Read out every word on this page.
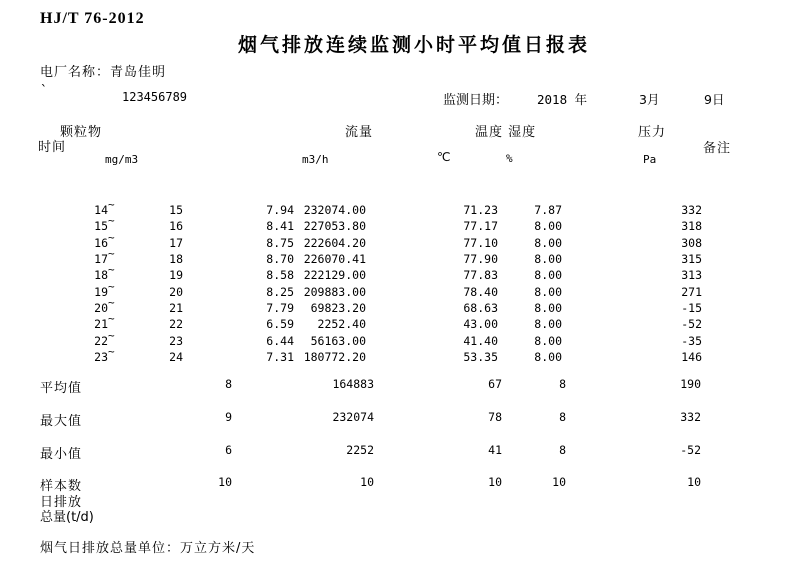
HJ/T 76-2012
烟气排放连续监测小时平均值日报表
电厂名称：青岛佳明
`	123456789	监测日期： 2018 年	3月	9日
颗粒物
时间
流量	温度 湿度	压力
备注
mg/m3	m3/h	℃	%	Pa
14 ~	15	7.94 232074.00	71.23	7.87	332
15 ~	16	8.41 227053.80	77.17	8.00	318
16 ~	17	8.75 222604.20	77.10	8.00	308
17 ~	18	8.70 226070.41	77.90	8.00	315
18 ~	19	8.58 222129.00	77.83	8.00	313
19 ~	20	8.25 209883.00	78.40	8.00	271
20 ~	21	7.79	69823.20	68.63	8.00	-15
21 ~	22	6.59	2252.40	43.00	8.00	-52
22 ~	23	6.44	56163.00	41.40	8.00	-35
23 ~	24	7.31 180772.20	53.35	8.00	146
平均值	8	164883	67	8	190
最大值	9	232074	78	8	332
最小值	6	2252	41	8	-52
样本数	10	10	10	10	10
日排放
总量(t/d)
烟气日排放总量单位：万立方米/天
